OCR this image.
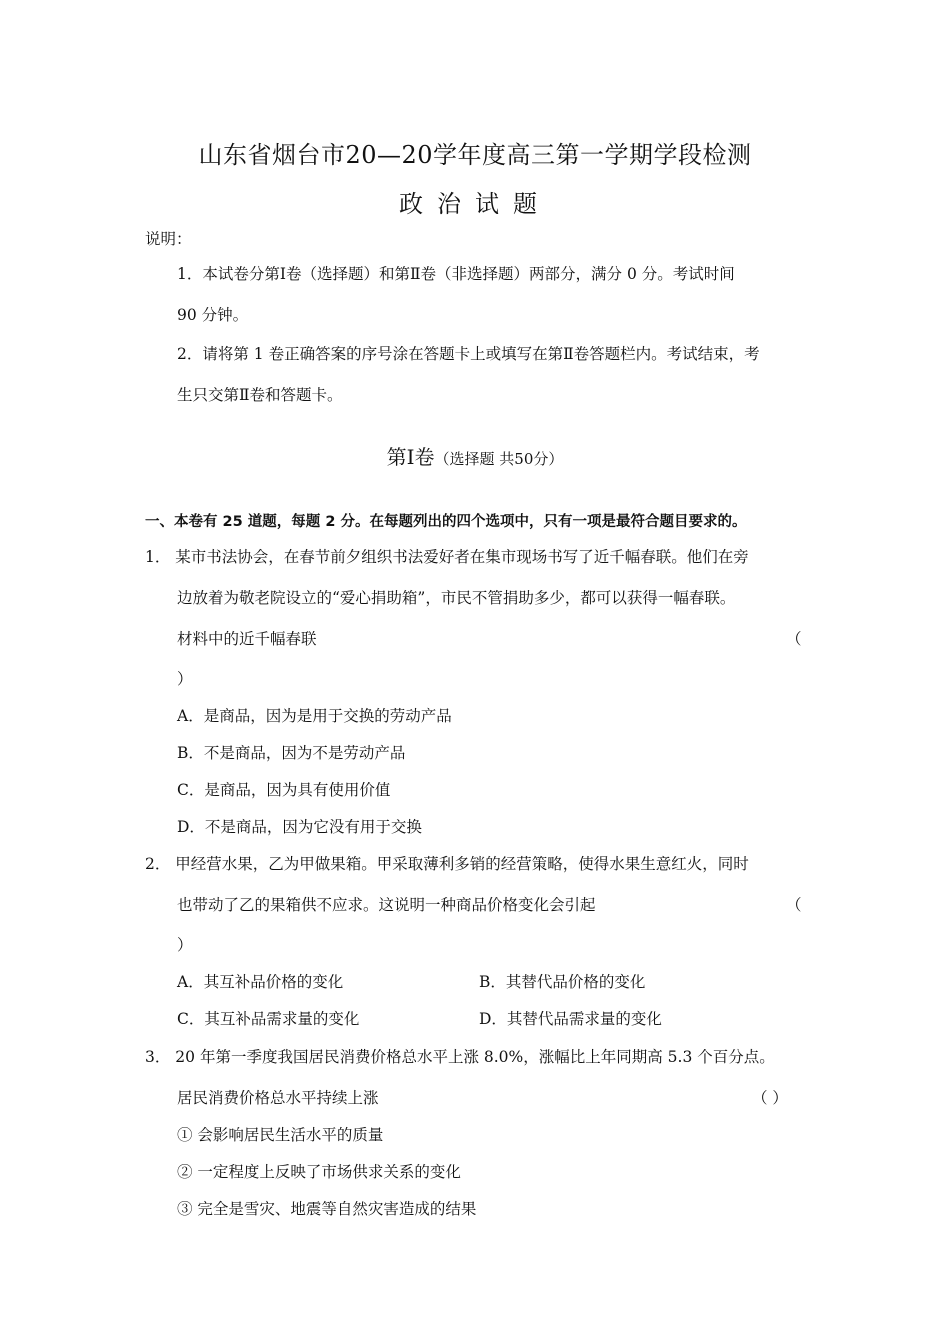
山东省烟台市20—20学年度高三第一学期学段检测
政治试题
说明：
1．本试卷分第Ⅰ卷（选择题）和第Ⅱ卷（非选择题）两部分，满分 0 分。考试时间
90 分钟。
2．请将第 1 卷正确答案的序号涂在答题卡上或填写在第Ⅱ卷答题栏内。考试结束，考
生只交第Ⅱ卷和答题卡。
第Ⅰ卷（选择题 共50分）
一、本卷有 25 道题，每题 2 分。在每题列出的四个选项中，只有一项是最符合题目要求的。
1． 某市书法协会，在春节前夕组织书法爱好者在集市现场书写了近千幅春联。他们在旁
边放着为敬老院设立的“爱心捐助箱”，市民不管捐助多少，都可以获得一幅春联。
材料中的近千幅春联	（
）
A．是商品，因为是用于交换的劳动产品
B．不是商品，因为不是劳动产品
C．是商品，因为具有使用价值
D．不是商品，因为它没有用于交换
2． 甲经营水果，乙为甲做果箱。甲采取薄利多销的经营策略，使得水果生意红火，同时
也带动了乙的果箱供不应求。这说明一种商品价格变化会引起	（
）
A．其互补品价格的变化	B．其替代品价格的变化
C．其互补品需求量的变化	D．其替代品需求量的变化
3． 20 年第一季度我国居民消费价格总水平上涨 8.0%，涨幅比上年同期高 5.3 个百分点。
居民消费价格总水平持续上涨	（ ）
① 会影响居民生活水平的质量
② 一定程度上反映了市场供求关系的变化
③ 完全是雪灾、地震等自然灾害造成的结果
